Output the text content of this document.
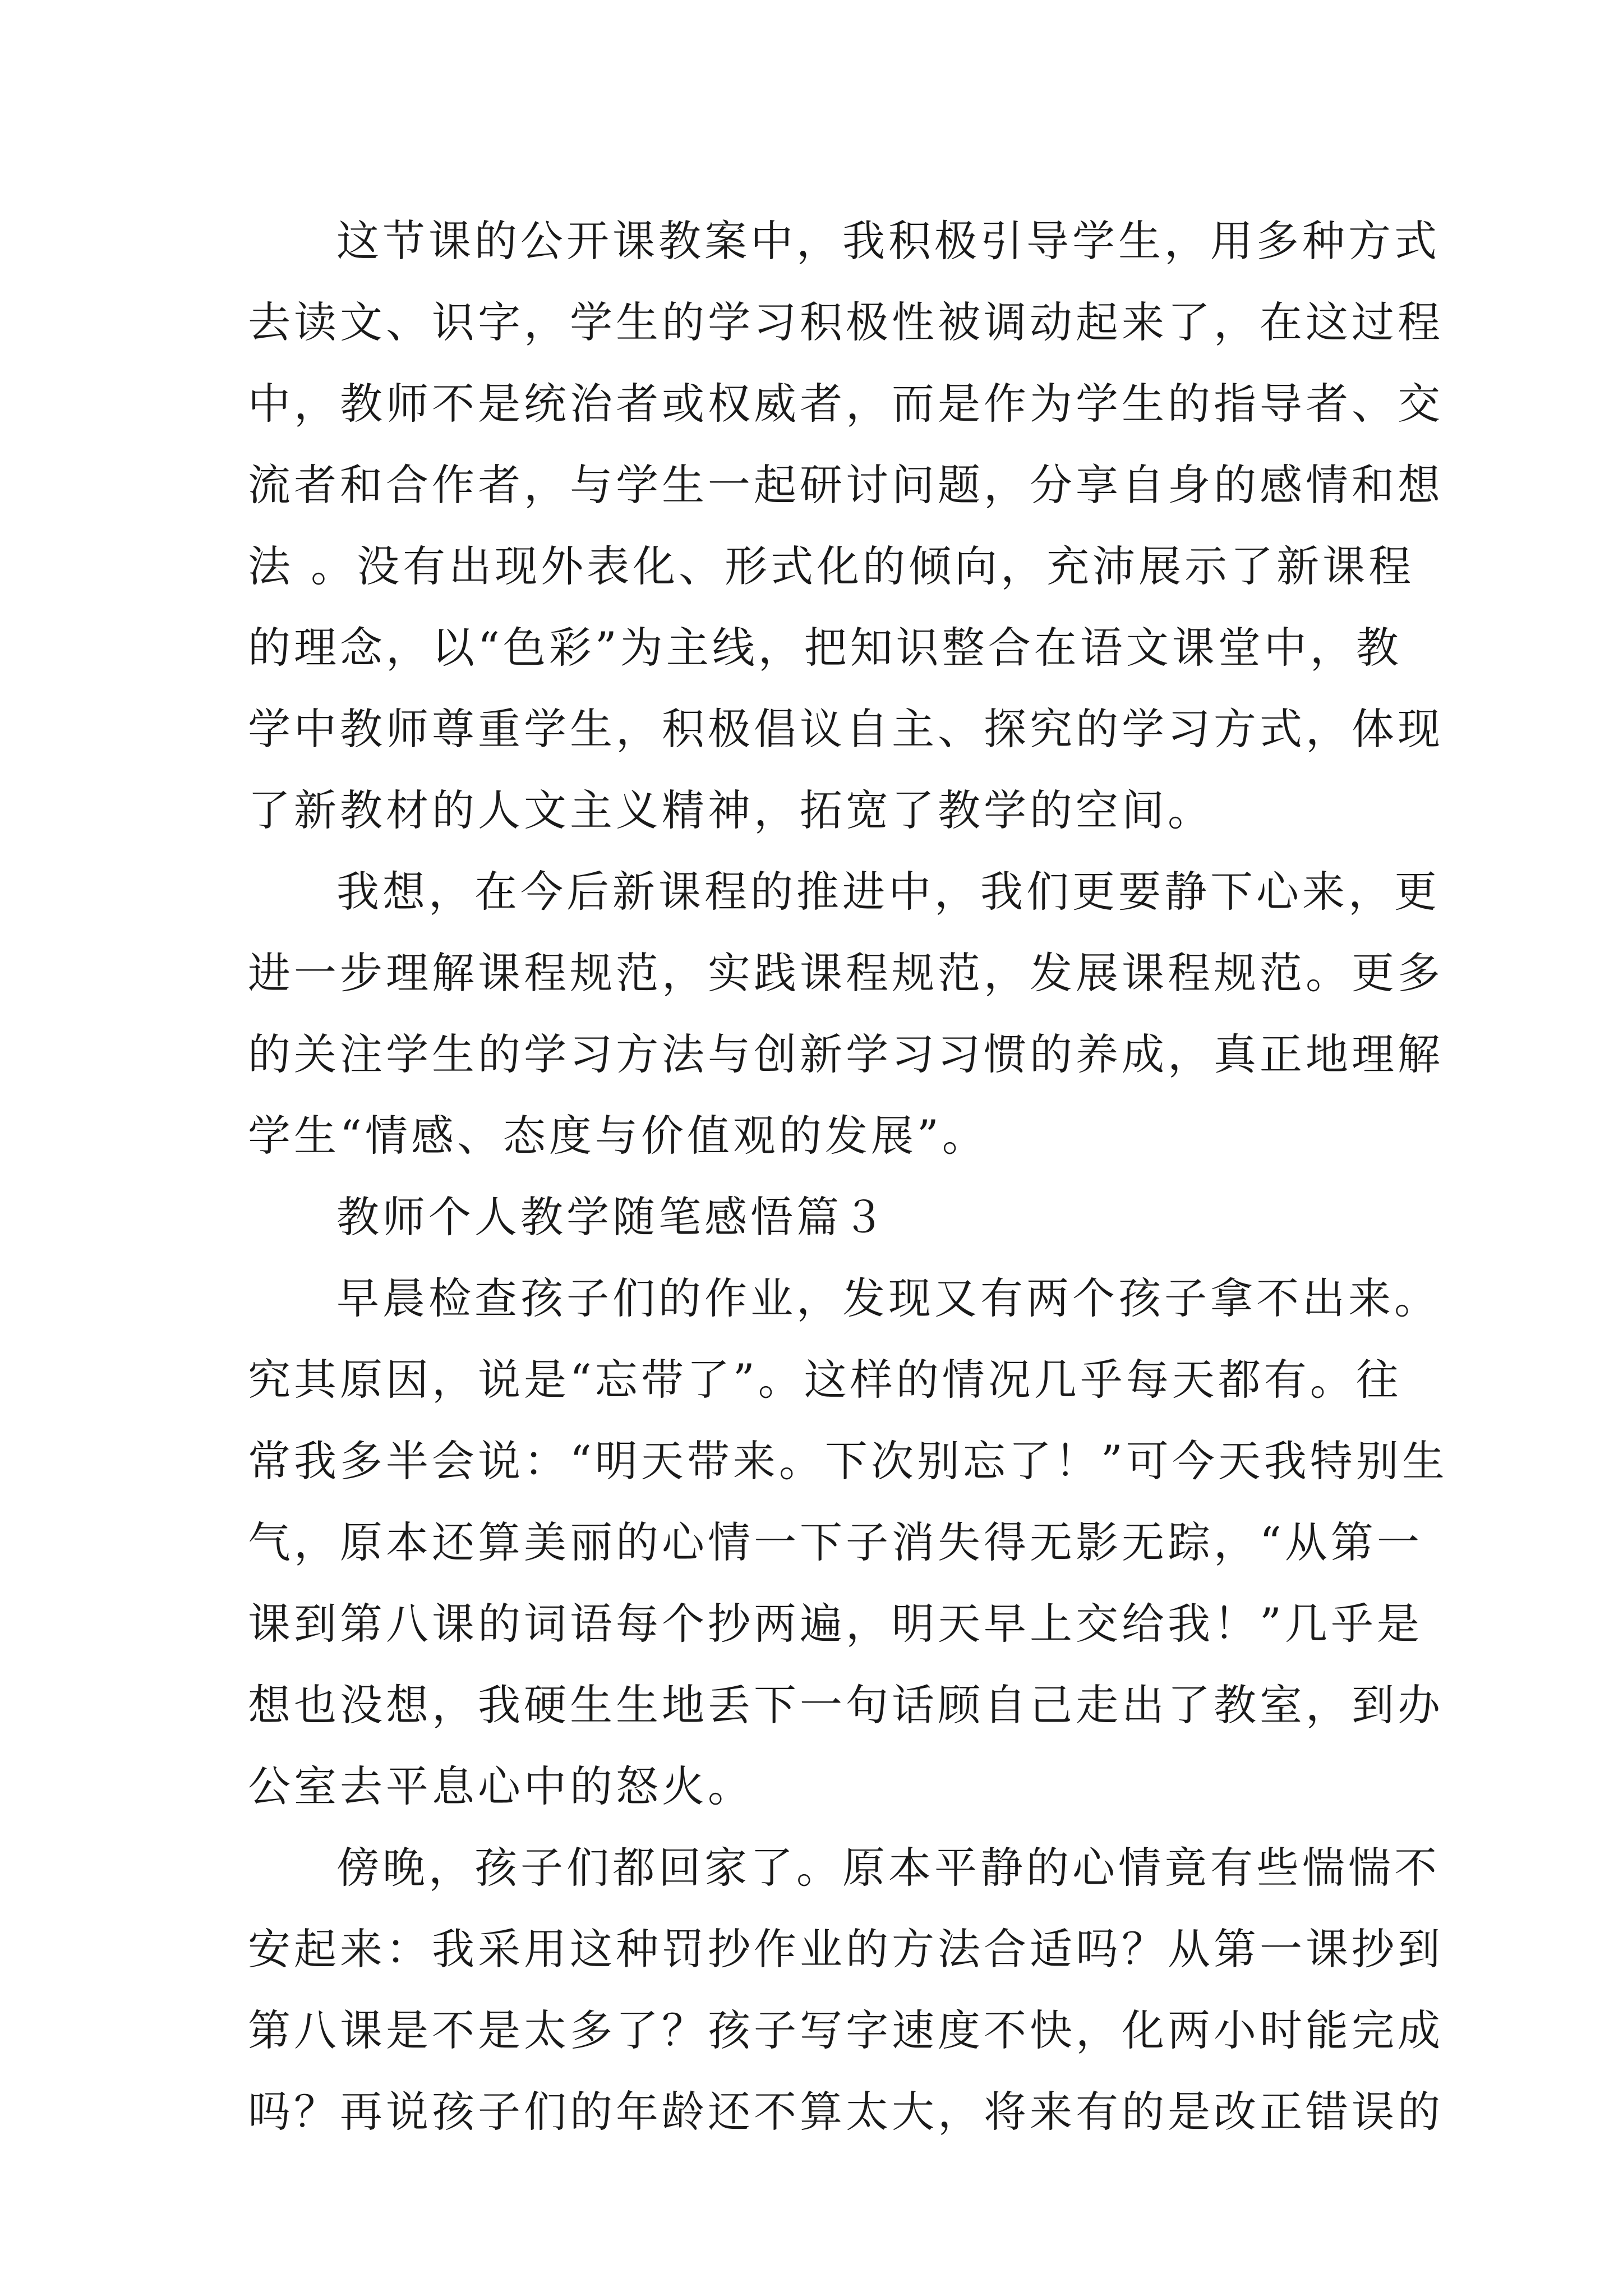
这节课的公开课教案中，我积极引导学生，用多种方式

去读文、识字，学生的学习积极性被调动起来了，在这过程

中，教师不是统治者或权威者，而是作为学生的指导者、交

流者和合作者，与学生一起研讨问题，分享自身的感情和想

法 。没有出现外表化、形式化的倾向，充沛展示了新课程

的理念，以“色彩”为主线，把知识整合在语文课堂中，教

学中教师尊重学生，积极倡议自主、探究的学习方式，体现

了新教材的人文主义精神，拓宽了教学的空间。

我想，在今后新课程的推进中，我们更要静下心来，更

进一步理解课程规范，实践课程规范，发展课程规范。更多

的关注学生的学习方法与创新学习习惯的养成，真正地理解

学生“情感、态度与价值观的发展”。

教师个人教学随笔感悟篇３

早晨检查孩子们的作业，发现又有两个孩子拿不出来。

究其原因，说是“忘带了”。这样的情况几乎每天都有。往

常我多半会说：“明天带来。下次别忘了！”可今天我特别生

气，原本还算美丽的心情一下子消失得无影无踪，“从第一

课到第八课的词语每个抄两遍，明天早上交给我！”几乎是

想也没想，我硬生生地丢下一句话顾自己走出了教室，到办

公室去平息心中的怒火。

傍晚，孩子们都回家了。原本平静的心情竟有些惴惴不

安起来：我采用这种罚抄作业的方法合适吗？从第一课抄到

第八课是不是太多了？孩子写字速度不快，化两小时能完成

吗？再说孩子们的年龄还不算太大，将来有的是改正错误的
